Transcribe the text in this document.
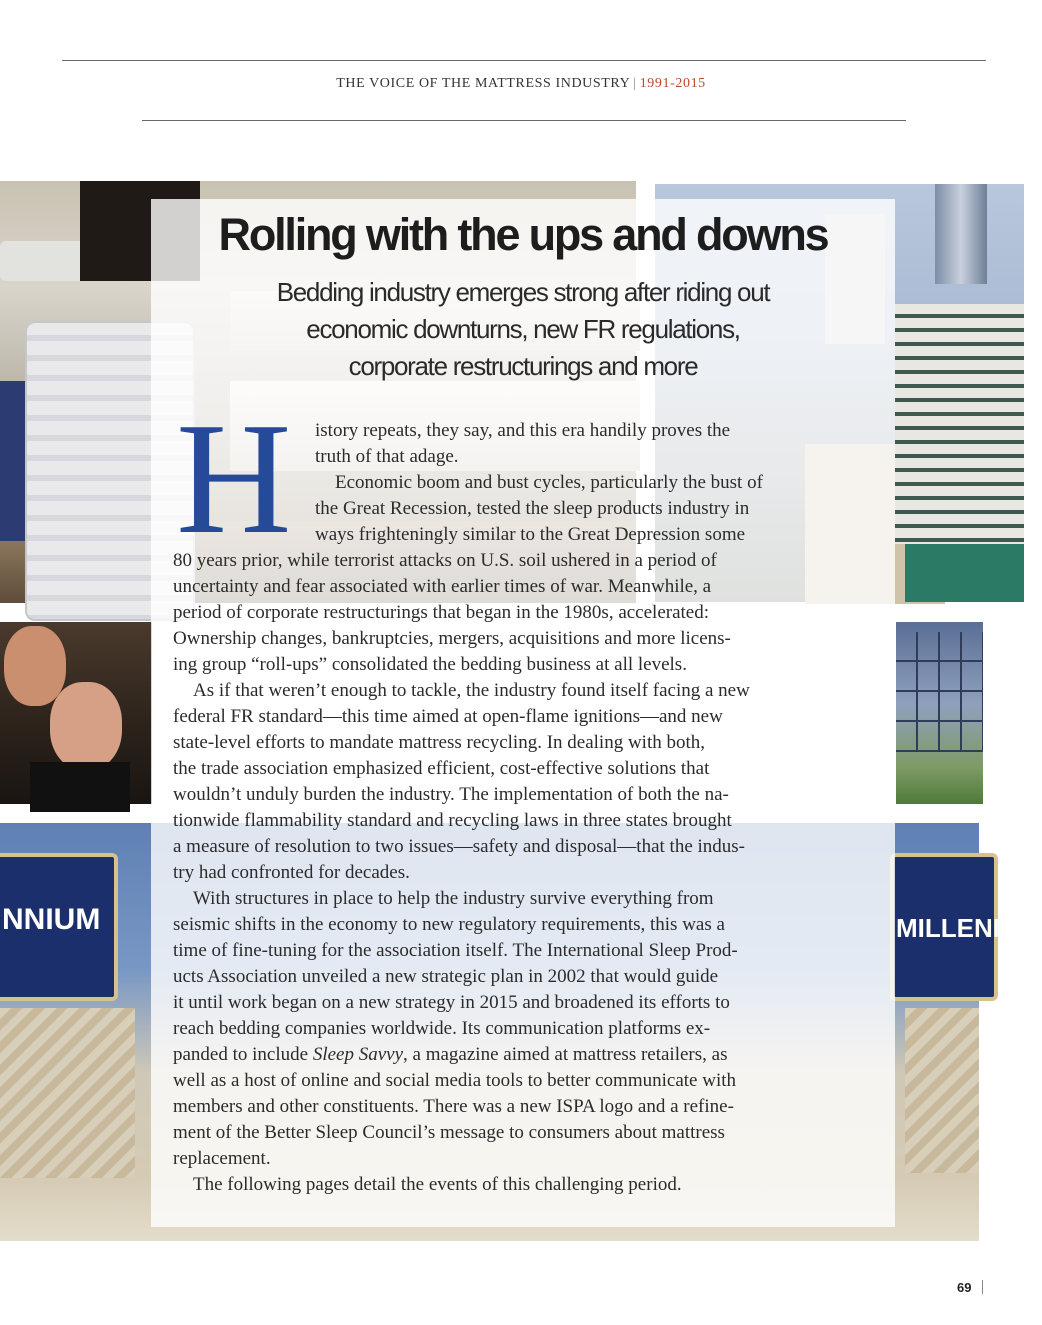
THE VOICE OF THE MATTRESS INDUSTRY | 1991-2015
NNIUM	MILLENN
Rolling with the ups and downs
Bedding industry emerges strong after riding out
economic downturns, new FR regulations,
corporate restructurings and more
H istory repeats, they say, and this era handily proves the
truth of that adage.
Economic boom and bust cycles, particularly the bust of
the Great Recession, tested the sleep products industry in
ways frighteningly similar to the Great Depression some
80 years prior, while terrorist attacks on U.S. soil ushered in a period of
uncertainty and fear associated with earlier times of war. Meanwhile, a
period of corporate restructurings that began in the 1980s, accelerated:
Ownership changes, bankruptcies, mergers, acquisitions and more licens-
ing group “roll-ups” consolidated the bedding business at all levels.
As if that weren’t enough to tackle, the industry found itself facing a new
federal FR standard—this time aimed at open-flame ignitions—and new
state-level efforts to mandate mattress recycling. In dealing with both,
the trade association emphasized efficient, cost-effective solutions that
wouldn’t unduly burden the industry. The implementation of both the na-
tionwide flammability standard and recycling laws in three states brought
a measure of resolution to two issues—safety and disposal—that the indus-
try had confronted for decades.
With structures in place to help the industry survive everything from
seismic shifts in the economy to new regulatory requirements, this was a
time of fine-tuning for the association itself. The International Sleep Prod-
ucts Association unveiled a new strategic plan in 2002 that would guide
it until work began on a new strategy in 2015 and broadened its efforts to
reach bedding companies worldwide. Its communication platforms ex-
panded to include Sleep Savvy, a magazine aimed at mattress retailers, as
well as a host of online and social media tools to better communicate with
members and other constituents. There was a new ISPA logo and a refine-
ment of the Better Sleep Council’s message to consumers about mattress
replacement.
The following pages detail the events of this challenging period.
69
